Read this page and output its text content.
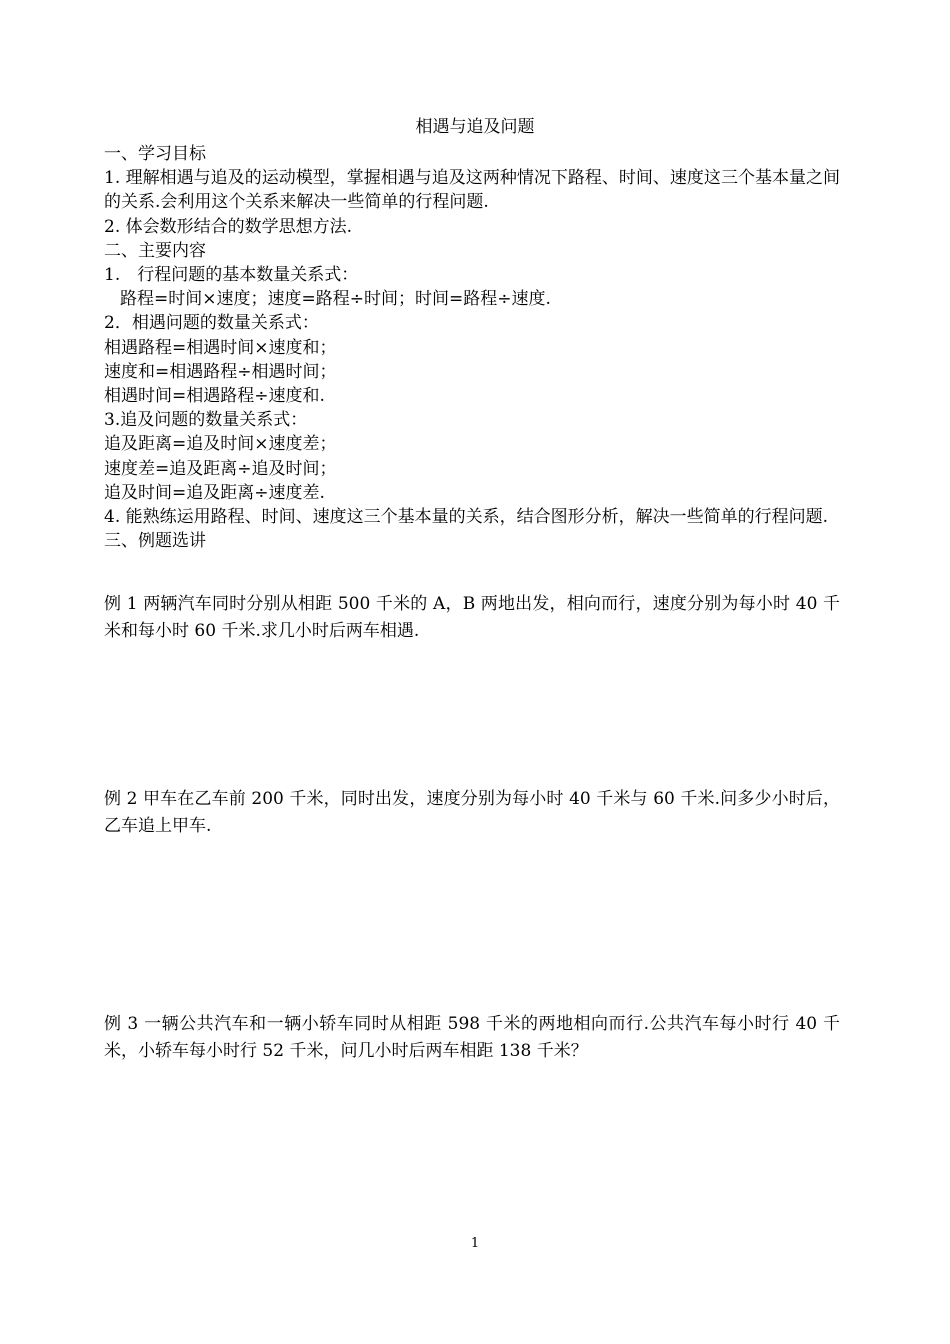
相遇与追及问题

一、学习目标

1. 理解相遇与追及的运动模型，掌握相遇与追及这两种情况下路程、时间、速度这三个基本量之间的关系.会利用这个关系来解决一些简单的行程问题.

2. 体会数形结合的数学思想方法.

二、主要内容

1.　行程问题的基本数量关系式：

路程=时间×速度；速度=路程÷时间；时间=路程÷速度.

2．相遇问题的数量关系式：

相遇路程=相遇时间×速度和；

速度和=相遇路程÷相遇时间；

相遇时间=相遇路程÷速度和.

3.追及问题的数量关系式：

追及距离=追及时间×速度差；

速度差=追及距离÷追及时间；

追及时间=追及距离÷速度差.

4. 能熟练运用路程、时间、速度这三个基本量的关系，结合图形分析，解决一些简单的行程问题.

三、例题选讲

例 1 两辆汽车同时分别从相距 500 千米的 A，B 两地出发，相向而行，速度分别为每小时 40 千米和每小时 60 千米.求几小时后两车相遇.

例 2 甲车在乙车前 200 千米，同时出发，速度分别为每小时 40 千米与 60 千米.问多少小时后，乙车追上甲车.

例 3 一辆公共汽车和一辆小轿车同时从相距 598 千米的两地相向而行.公共汽车每小时行 40 千米，小轿车每小时行 52 千米，问几小时后两车相距 138 千米？

1
